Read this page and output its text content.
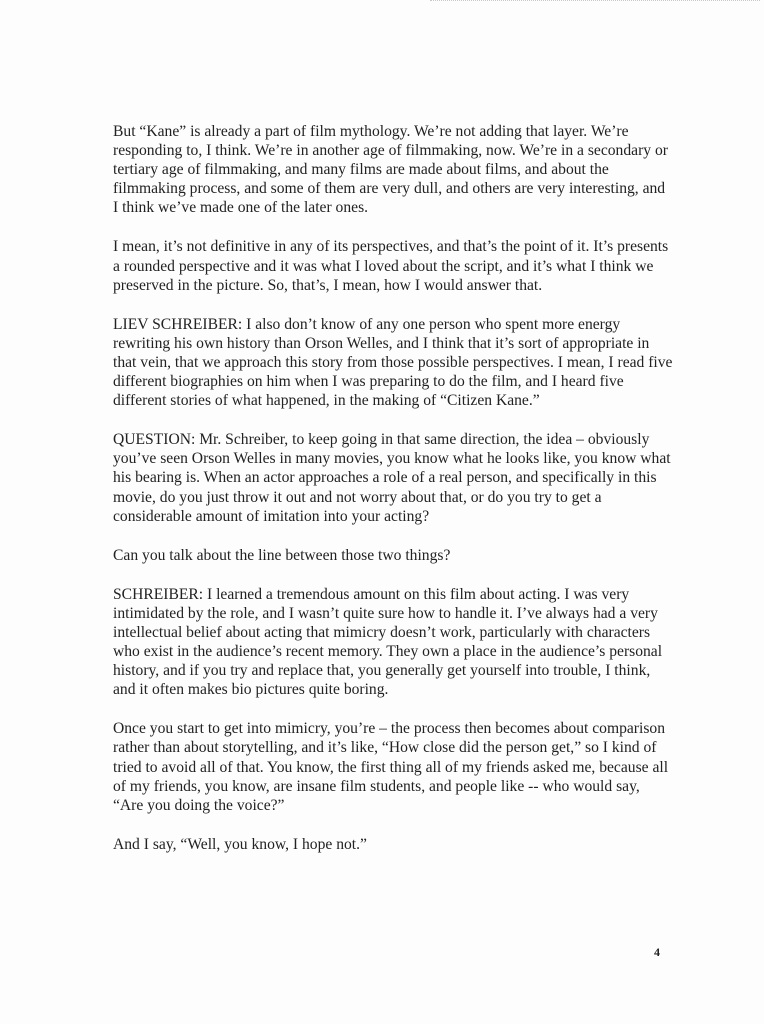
But “Kane” is already a part of film mythology. We’re not adding that layer. We’re responding to, I think. We’re in another age of filmmaking, now. We’re in a secondary or tertiary age of filmmaking, and many films are made about films, and about the filmmaking process, and some of them are very dull, and others are very interesting, and I think we’ve made one of the later ones.

I mean, it’s not definitive in any of its perspectives, and that’s the point of it. It’s presents a rounded perspective and it was what I loved about the script, and it’s what I think we preserved in the picture. So, that’s, I mean, how I would answer that.

LIEV SCHREIBER: I also don’t know of any one person who spent more energy rewriting his own history than Orson Welles, and I think that it’s sort of appropriate in that vein, that we approach this story from those possible perspectives. I mean, I read five different biographies on him when I was preparing to do the film, and I heard five different stories of what happened, in the making of “Citizen Kane.”

QUESTION: Mr. Schreiber, to keep going in that same direction, the idea – obviously you’ve seen Orson Welles in many movies, you know what he looks like, you know what his bearing is. When an actor approaches a role of a real person, and specifically in this movie, do you just throw it out and not worry about that, or do you try to get a considerable amount of imitation into your acting?

Can you talk about the line between those two things?

SCHREIBER: I learned a tremendous amount on this film about acting. I was very intimidated by the role, and I wasn’t quite sure how to handle it. I’ve always had a very intellectual belief about acting that mimicry doesn’t work, particularly with characters who exist in the audience’s recent memory. They own a place in the audience’s personal history, and if you try and replace that, you generally get yourself into trouble, I think, and it often makes bio pictures quite boring.

Once you start to get into mimicry, you’re – the process then becomes about comparison rather than about storytelling, and it’s like, “How close did the person get,” so I kind of tried to avoid all of that. You know, the first thing all of my friends asked me, because all of my friends, you know, are insane film students, and people like -- who would say, “Are you doing the voice?”

And I say, “Well, you know, I hope not.”

4
